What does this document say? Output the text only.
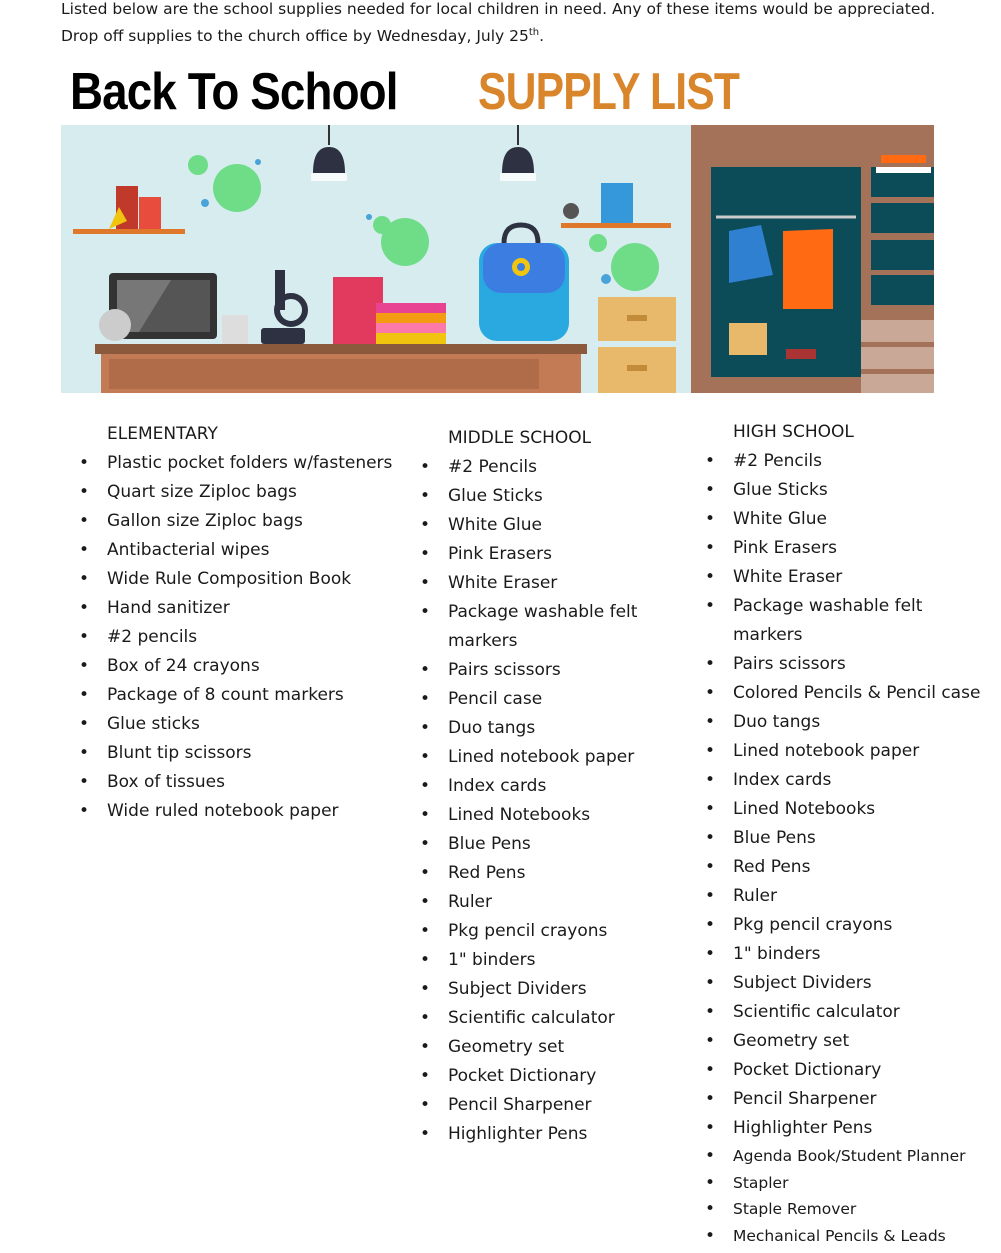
Listed below are the school supplies needed for local children in need. Any of these items would be appreciated. Drop off supplies to the church office by Wednesday, July 25th.
Back To School SUPPLY LIST
ELEMENTARY
• Plastic pocket folders w/fasteners
• Quart size Ziploc bags
• Gallon size Ziploc bags
• Antibacterial wipes
• Wide Rule Composition Book
• Hand sanitizer
• #2 pencils
• Box of 24 crayons
• Package of 8 count markers
• Glue sticks
• Blunt tip scissors
• Box of tissues
• Wide ruled notebook paper
MIDDLE SCHOOL
• #2 Pencils
• Glue Sticks
• White Glue
• Pink Erasers
• White Eraser
• Package washable felt
markers
• Pairs scissors
• Pencil case
• Duo tangs
• Lined notebook paper
• Index cards
• Lined Notebooks
• Blue Pens
• Red Pens
• Ruler
• Pkg pencil crayons
• 1" binders
• Subject Dividers
• Scientific calculator
• Geometry set
• Pocket Dictionary
• Pencil Sharpener
• Highlighter Pens
HIGH SCHOOL
• #2 Pencils
• Glue Sticks
• White Glue
• Pink Erasers
• White Eraser
• Package washable felt markers
• Pairs scissors
• Colored Pencils & Pencil case
• Duo tangs
• Lined notebook paper
• Index cards
• Lined Notebooks
• Blue Pens
• Red Pens
• Ruler
• Pkg pencil crayons
• 1" binders
• Subject Dividers
• Scientific calculator
• Geometry set
• Pocket Dictionary
• Pencil Sharpener
• Highlighter Pens
• Agenda Book/Student Planner
• Stapler
• Staple Remover
• Mechanical Pencils & Leads
